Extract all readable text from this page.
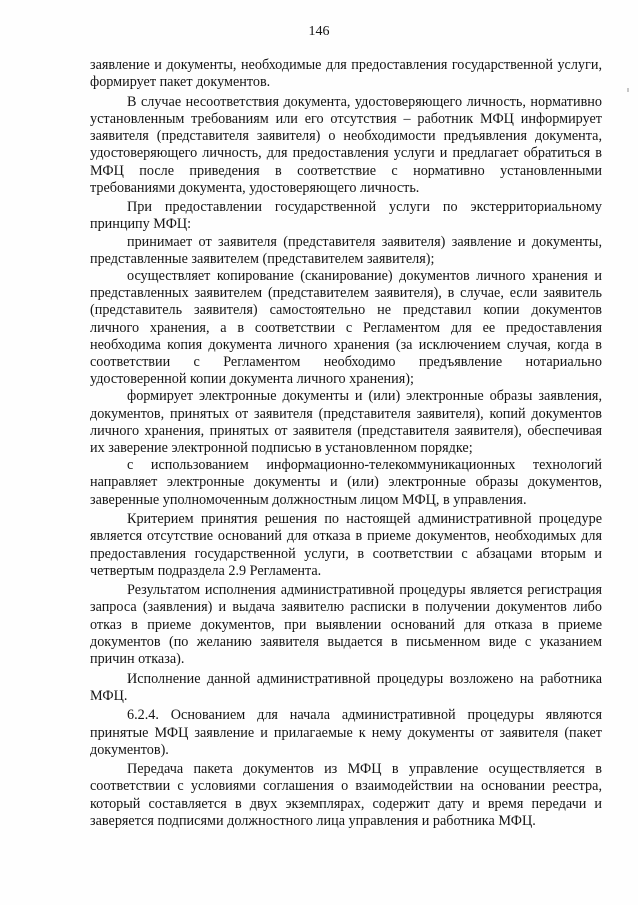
146

заявление и документы, необходимые для предоставления государственной услуги, формирует пакет документов.

В случае несоответствия документа, удостоверяющего личность, нормативно установленным требованиям или его отсутствия – работник МФЦ информирует заявителя (представителя заявителя) о необходимости предъявления документа, удостоверяющего личность, для предоставления услуги и предлагает обратиться в МФЦ после приведения в соответствие с нормативно установленными требованиями документа, удостоверяющего личность.

При предоставлении государственной услуги по экстерриториальному принципу МФЦ:

принимает от заявителя (представителя заявителя) заявление и документы, представленные заявителем (представителем заявителя);

осуществляет копирование (сканирование) документов личного хранения и представленных заявителем (представителем заявителя), в случае, если заявитель (представитель заявителя) самостоятельно не представил копии документов личного хранения, а в соответствии с Регламентом для ее предоставления необходима копия документа личного хранения (за исключением случая, когда в соответствии с Регламентом необходимо предъявление нотариально удостоверенной копии документа личного хранения);

формирует электронные документы и (или) электронные образы заявления, документов, принятых от заявителя (представителя заявителя), копий документов личного хранения, принятых от заявителя (представителя заявителя), обеспечивая их заверение электронной подписью в установленном порядке;

с использованием информационно-телекоммуникационных технологий направляет электронные документы и (или) электронные образы документов, заверенные уполномоченным должностным лицом МФЦ, в управления.

Критерием принятия решения по настоящей административной процедуре является отсутствие оснований для отказа в приеме документов, необходимых для предоставления государственной услуги, в соответствии с абзацами вторым и четвертым подраздела 2.9 Регламента.

Результатом исполнения административной процедуры является регистрация запроса (заявления) и выдача заявителю расписки в получении документов либо отказ в приеме документов, при выявлении оснований для отказа в приеме документов (по желанию заявителя выдается в письменном виде с указанием причин отказа).

Исполнение данной административной процедуры возложено на работника МФЦ.

6.2.4. Основанием для начала административной процедуры являются принятые МФЦ заявление и прилагаемые к нему документы от заявителя (пакет документов).

Передача пакета документов из МФЦ в управление осуществляется в соответствии с условиями соглашения о взаимодействии на основании реестра, который составляется в двух экземплярах, содержит дату и время передачи и заверяется подписями должностного лица управления и работника МФЦ.
